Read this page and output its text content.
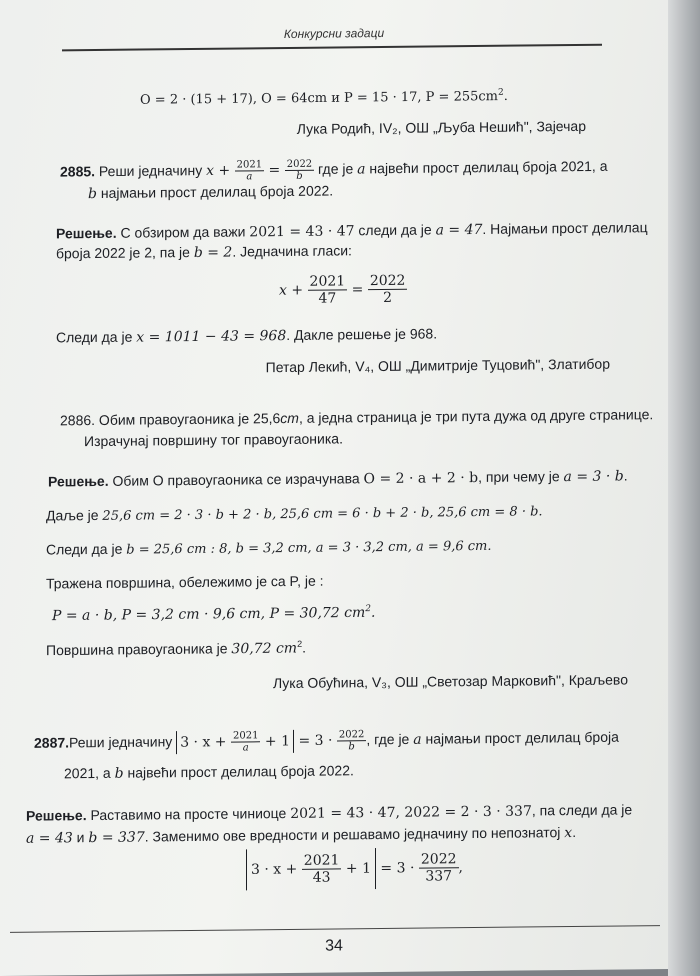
Конкурсни задаци
O = 2 · (15 + 17), O = 64cm и P = 15 · 17, $P = 255cm^2$.
Лука Родић, IV₂, ОШ „Љуба Нешић", Зајечар
2885. Реши једначину $x + \frac{2021}{a} = \frac{2022}{b}$ где је a највећи прост делилац броја 2021, а
b најмањи прост делилац броја 2022.
Решење. С обзиром да важи 2021 = 43 · 47 следи да је a = 47. Најмањи прост делилац
броја 2022 је 2, па је b = 2. Једначина гласи:
$x + \frac{2021}{47} = \frac{2022}{2}$
Следи да је x = 1011 − 43 = 968. Дакле решење је 968.
Петар Лекић, V₄, ОШ „Димитрије Туцовић", Златибор
2886. Обим правоугаоника је 25,6cm, а једна страница је три пута дужа од друге странице.
Израчунај површину тог правоугаоника.
Решење. Обим O правоугаоника се израчунава O = 2 · a + 2 · b, при чему је a = 3 · b.
Даље је 25,6 cm = 2 · 3 · b + 2 · b, 25,6 cm = 6 · b + 2 · b, 25,6 cm = 8 · b.
Следи да је b = 25,6 cm : 8, b = 3,2 cm, a = 3 · 3,2 cm, a = 9,6 cm.
Тражена површина, обележимо је са P, је :
P = a · b, P = 3,2 cm · 9,6 cm, P = 30,72 $cm^2$.
Површина правоугаоника је 30,72 $cm^2$.
Лука Обућина, V₃, ОШ „Светозар Марковић", Краљево
2887.Реши једначину $3 \cdot x + \frac{2021}{a} + 1 = 3 \cdot \frac{2022}{b}$ , где је a најмањи прост делилац броја
2021, а b највећи прост делилац броја 2022.
Решење. Раставимо на просте чиниоце 2021 = 43 · 47, 2022 = 2 · 3 · 337, па следи да је
a = 43 и b = 337. Заменимо ове вредности и решавамо једначину по непознатој x.
$3 \cdot x + \frac{2021}{43} + 1 = 3 \cdot \frac{2022}{337}$ ,
34
